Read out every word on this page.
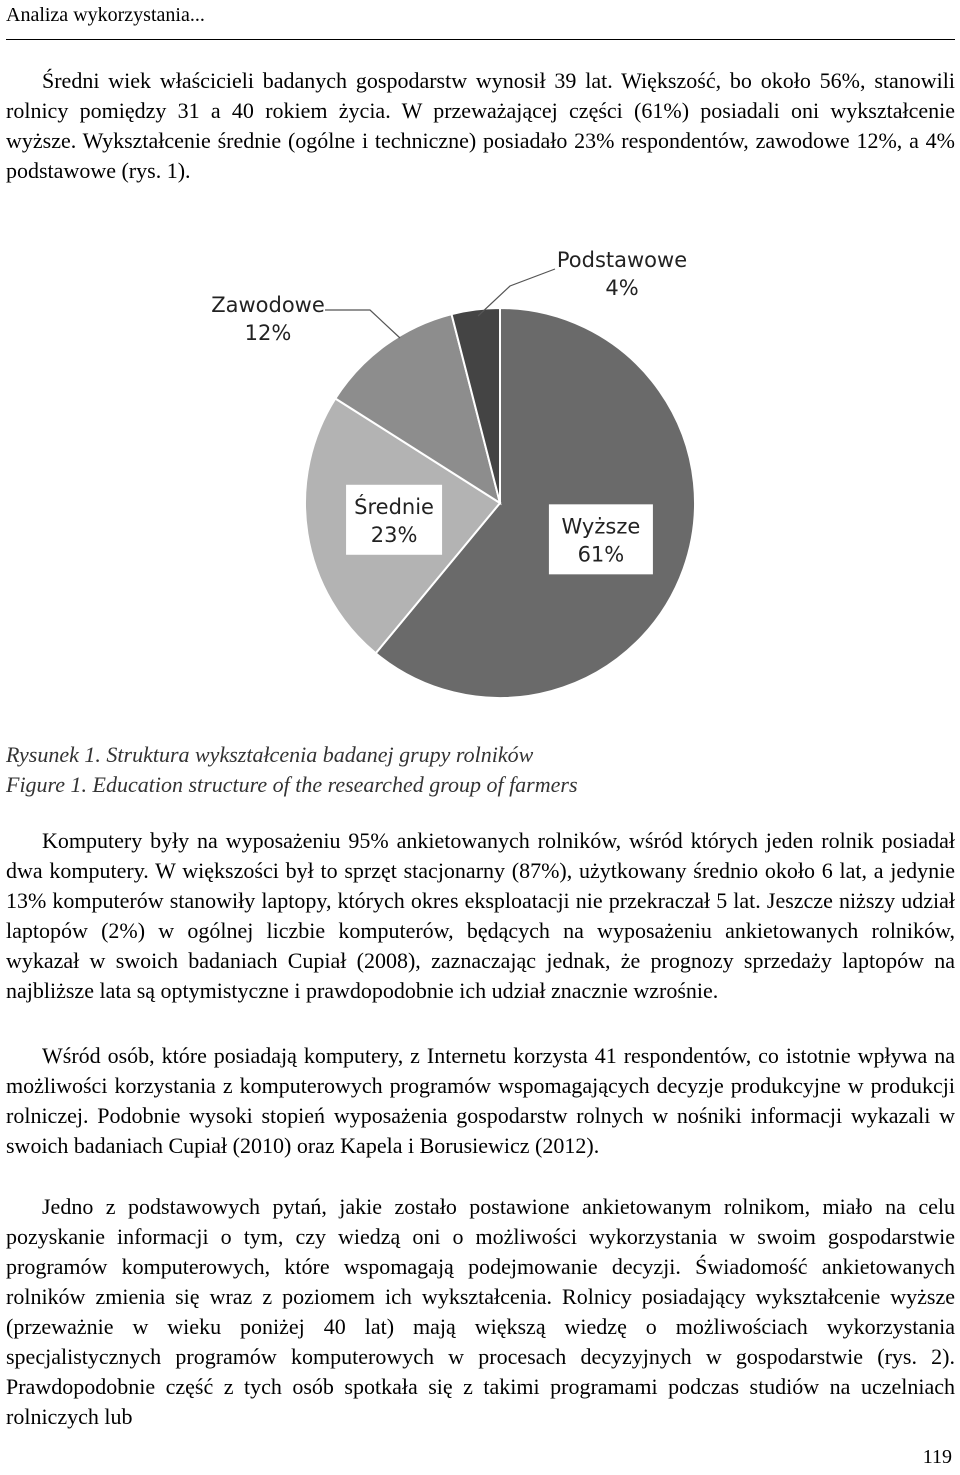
Analiza wykorzystania...

Średni wiek właścicieli badanych gospodarstw wynosił 39 lat. Większość, bo około 56%, stanowili rolnicy pomiędzy 31 a 40 rokiem życia. W przeważającej części (61%) posiadali oni wykształcenie wyższe. Wykształcenie średnie (ogólne i techniczne) posiadało 23% respondentów, zawodowe 12%, a 4% podstawowe (rys. 1).

Wyższe
61%
Średnie
23%
Zawodowe
12%
Podstawowe
4%
Rysunek 1. Struktura wykształcenia badanej grupy rolników
Figure 1. Education structure of the researched group of farmers

Komputery były na wyposażeniu 95% ankietowanych rolników, wśród których jeden rolnik posiadał dwa komputery. W większości był to sprzęt stacjonarny (87%), użytkowany średnio około 6 lat, a jedynie 13% komputerów stanowiły laptopy, których okres eksploatacji nie przekraczał 5 lat. Jeszcze niższy udział laptopów (2%) w ogólnej liczbie komputerów, będących na wyposażeniu ankietowanych rolników, wykazał w swoich badaniach Cupiał (2008), zaznaczając jednak, że prognozy sprzedaży laptopów na najbliższe lata są optymistyczne i prawdopodobnie ich udział znacznie wzrośnie.

Wśród osób, które posiadają komputery, z Internetu korzysta 41 respondentów, co istotnie wpływa na możliwości korzystania z komputerowych programów wspomagających decyzje produkcyjne w produkcji rolniczej. Podobnie wysoki stopień wyposażenia gospodarstw rolnych w nośniki informacji wykazali w swoich badaniach Cupiał (2010) oraz Kapela i Borusiewicz (2012).

Jedno z podstawowych pytań, jakie zostało postawione ankietowanym rolnikom, miało na celu pozyskanie informacji o tym, czy wiedzą oni o możliwości wykorzystania w swoim gospodarstwie programów komputerowych, które wspomagają podejmowanie decyzji. Świadomość ankietowanych rolników zmienia się wraz z poziomem ich wykształcenia. Rolnicy posiadający wykształcenie wyższe (przeważnie w wieku poniżej 40 lat) mają większą wiedzę o możliwościach wykorzystania specjalistycznych programów komputerowych w procesach decyzyjnych w gospodarstwie (rys. 2). Prawdopodobnie część z tych osób spotkała się z takimi programami podczas studiów na uczelniach rolniczych lub

119
